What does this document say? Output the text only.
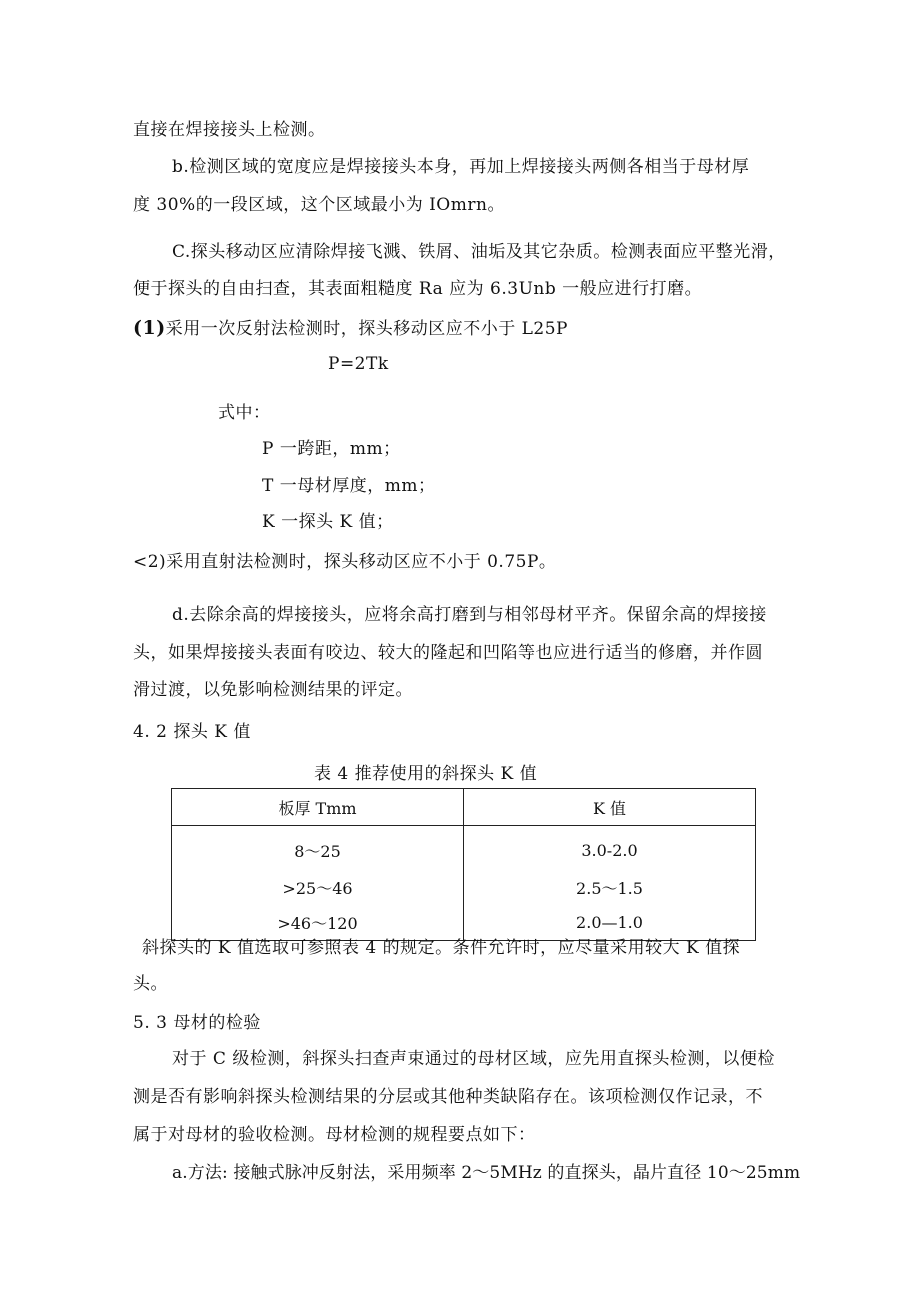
直接在焊接接头上检测。
b.检测区域的宽度应是焊接接头本身，再加上焊接接头两侧各相当于母材厚
度 30%的一段区域，这个区域最小为 IOmrn。
C.探头移动区应清除焊接飞溅、铁屑、油垢及其它杂质。检测表面应平整光滑，
便于探头的自由扫查，其表面粗糙度 Ra 应为 6.3Unb 一般应进行打磨。
(1)采用一次反射法检测时，探头移动区应不小于 L25P
P=2Tk
式中：
P 一跨距，mm；
T 一母材厚度，mm；
K 一探头 K 值；
<2)采用直射法检测时，探头移动区应不小于 0.75P。
d.去除余高的焊接接头，应将余高打磨到与相邻母材平齐。保留余高的焊接接
头，如果焊接接头表面有咬边、较大的隆起和凹陷等也应进行适当的修磨，并作圆
滑过渡，以免影响检测结果的评定。
4. 2 探头 K 值
表 4 推荐使用的斜探头 K 值
板厚 Tmm	K 值
8～25	3.0-2.0
>25～46	2.5～1.5
>46～120	2.0—1.0
斜探头的 K 值选取可参照表 4 的规定。条件允许时，应尽量采用较大 K 值探
头。
5. 3 母材的检验
对于 C 级检测，斜探头扫查声束通过的母材区域，应先用直探头检测，以便检
测是否有影响斜探头检测结果的分层或其他种类缺陷存在。该项检测仅作记录，不
属于对母材的验收检测。母材检测的规程要点如下：
a.方法: 接触式脉冲反射法，采用频率 2～5MHz 的直探头，晶片直径 10～25mm
